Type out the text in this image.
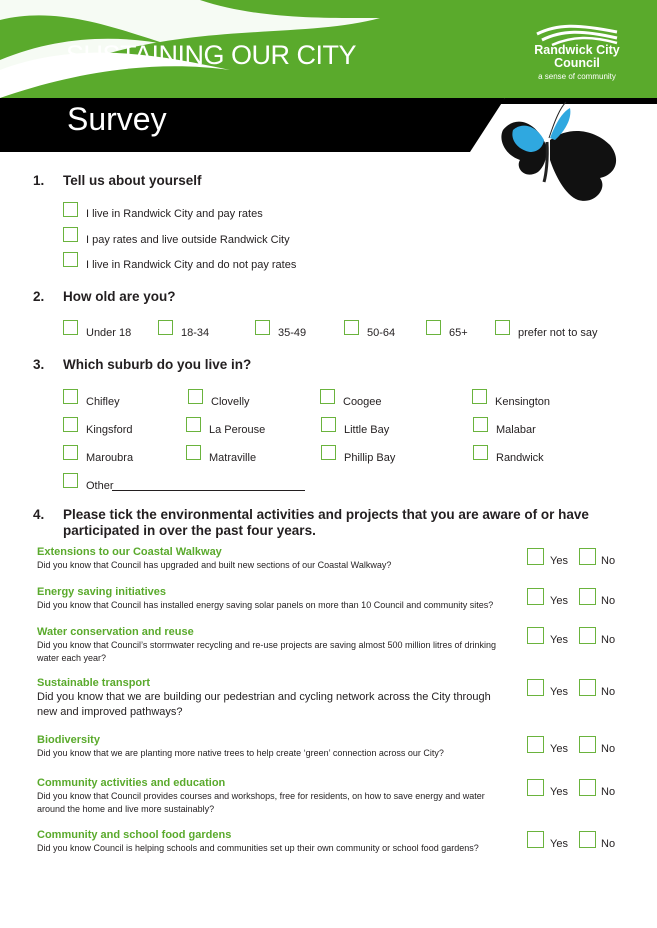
SUSTAINING OUR CITY	Randwick City Council
a sense of community
Survey
1. Tell us about yourself
I live in Randwick City and pay rates
I pay rates and live outside Randwick City
I live in Randwick City and do not pay rates
2. How old are you?
Under 18	18-34	35-49	50-64	65+	prefer not to say
3. Which suburb do you live in?
Chifley	Clovelly	Coogee	Kensington
Kingsford	La Perouse	Little Bay	Malabar
Maroubra	Matraville	Phillip Bay	Randwick
Other
4. Please tick the environmental activities and projects that you are aware of or have participated in over the past four years.
Extensions to our Coastal Walkway
Did you know that Council has upgraded and built new sections of our Coastal Walkway?	Yes	No
Energy saving initiatives
Did you know that Council has installed energy saving solar panels on more than 10 Council and community sites?	Yes	No
Water conservation and reuse
Did you know that Council’s stormwater recycling and re-use projects are saving almost 500 million litres of drinking water each year?
Yes	No
Sustainable transport
Did you know that we are building our pedestrian and cycling network across the City through new and improved pathways?
Yes	No
Biodiversity
Did you know that we are planting more native trees to help create ‘green’ connection across our City?	Yes	No
Community activities and education
Did you know that Council provides courses and workshops, free for residents, on how to save energy and water around the home and live more sustainably?
Yes	No
Community and school food gardens
Did you know Council is helping schools and communities set up their own community or school food gardens?	Yes	No
